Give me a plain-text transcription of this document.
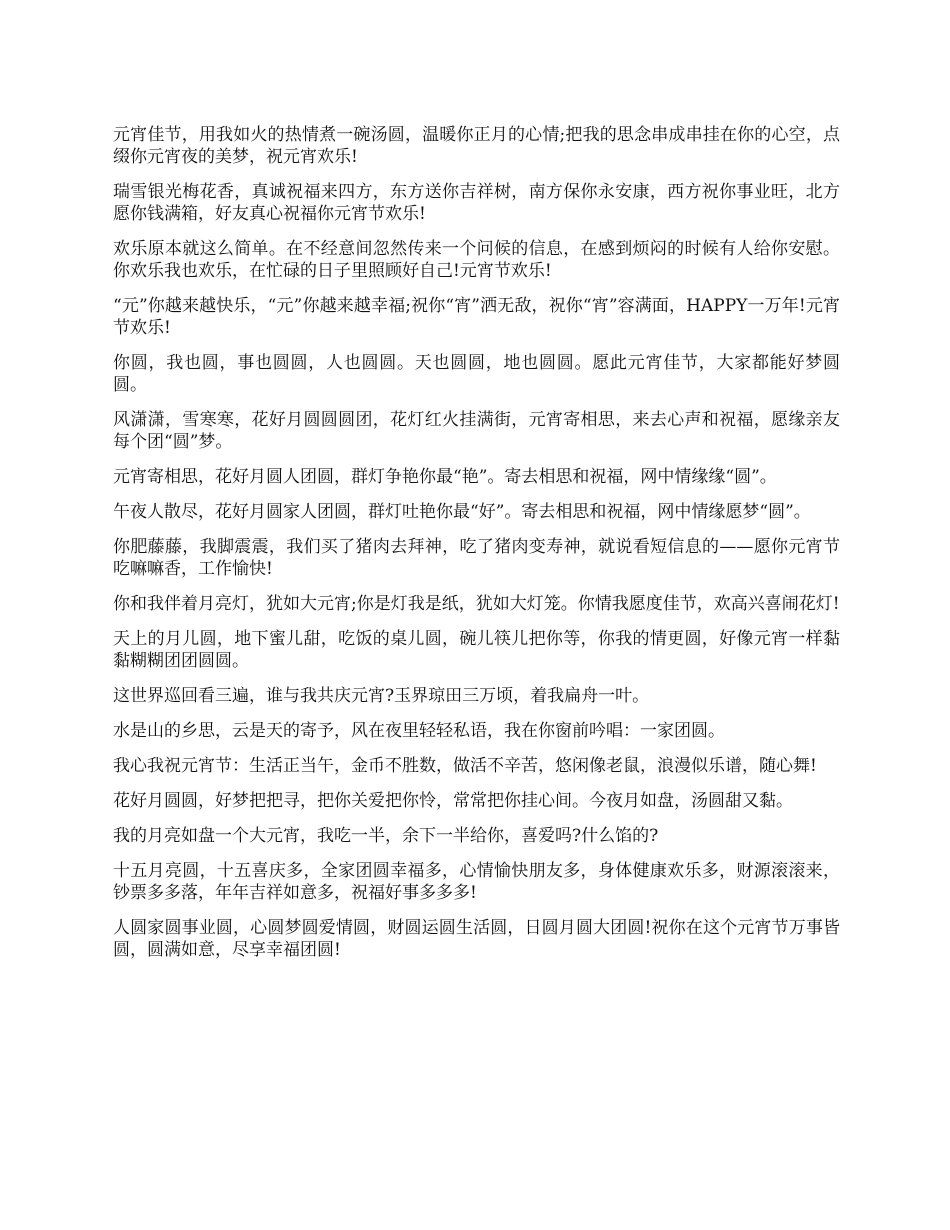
元宵佳节，用我如火的热情煮一碗汤圆，温暖你正月的心情;把我的思念串成串挂在你的心空，点缀你元宵夜的美梦，祝元宵欢乐!

瑞雪银光梅花香，真诚祝福来四方，东方送你吉祥树，南方保你永安康，西方祝你事业旺，北方愿你钱满箱，好友真心祝福你元宵节欢乐!

欢乐原本就这么简单。在不经意间忽然传来一个问候的信息，在感到烦闷的时候有人给你安慰。你欢乐我也欢乐，在忙碌的日子里照顾好自己!元宵节欢乐!

“元”你越来越快乐，“元”你越来越幸福;祝你“宵”洒无敌，祝你“宵”容满面，HAPPY一万年!元宵节欢乐!

你圆，我也圆，事也圆圆，人也圆圆。天也圆圆，地也圆圆。愿此元宵佳节，大家都能好梦圆圆。

风潇潇，雪寒寒，花好月圆圆圆团，花灯红火挂满街，元宵寄相思，来去心声和祝福，愿缘亲友每个团“圆”梦。

元宵寄相思，花好月圆人团圆，群灯争艳你最“艳”。寄去相思和祝福，网中情缘缘“圆”。

午夜人散尽，花好月圆家人团圆，群灯吐艳你最“好”。寄去相思和祝福，网中情缘愿梦“圆”。

你肥藤藤，我脚震震，我们买了猪肉去拜神，吃了猪肉变寿神，就说看短信息的——愿你元宵节吃嘛嘛香，工作愉快!

你和我伴着月亮灯，犹如大元宵;你是灯我是纸，犹如大灯笼。你情我愿度佳节，欢高兴喜闹花灯!

天上的月儿圆，地下蜜儿甜，吃饭的桌儿圆，碗儿筷儿把你等，你我的情更圆，好像元宵一样黏黏糊糊团团圆圆。

这世界巡回看三遍，谁与我共庆元宵?玉界琼田三万顷，着我扁舟一叶。

水是山的乡思，云是天的寄予，风在夜里轻轻私语，我在你窗前吟唱：一家团圆。

我心我祝元宵节：生活正当午，金币不胜数，做活不辛苦，悠闲像老鼠，浪漫似乐谱，随心舞!

花好月圆圆，好梦把把寻，把你关爱把你怜，常常把你挂心间。今夜月如盘，汤圆甜又黏。

我的月亮如盘一个大元宵，我吃一半，余下一半给你，喜爱吗?什么馅的?

十五月亮圆，十五喜庆多，全家团圆幸福多，心情愉快朋友多，身体健康欢乐多，财源滚滚来，钞票多多落，年年吉祥如意多，祝福好事多多多!

人圆家圆事业圆，心圆梦圆爱情圆，财圆运圆生活圆，日圆月圆大团圆!祝你在这个元宵节万事皆圆，圆满如意，尽享幸福团圆!
